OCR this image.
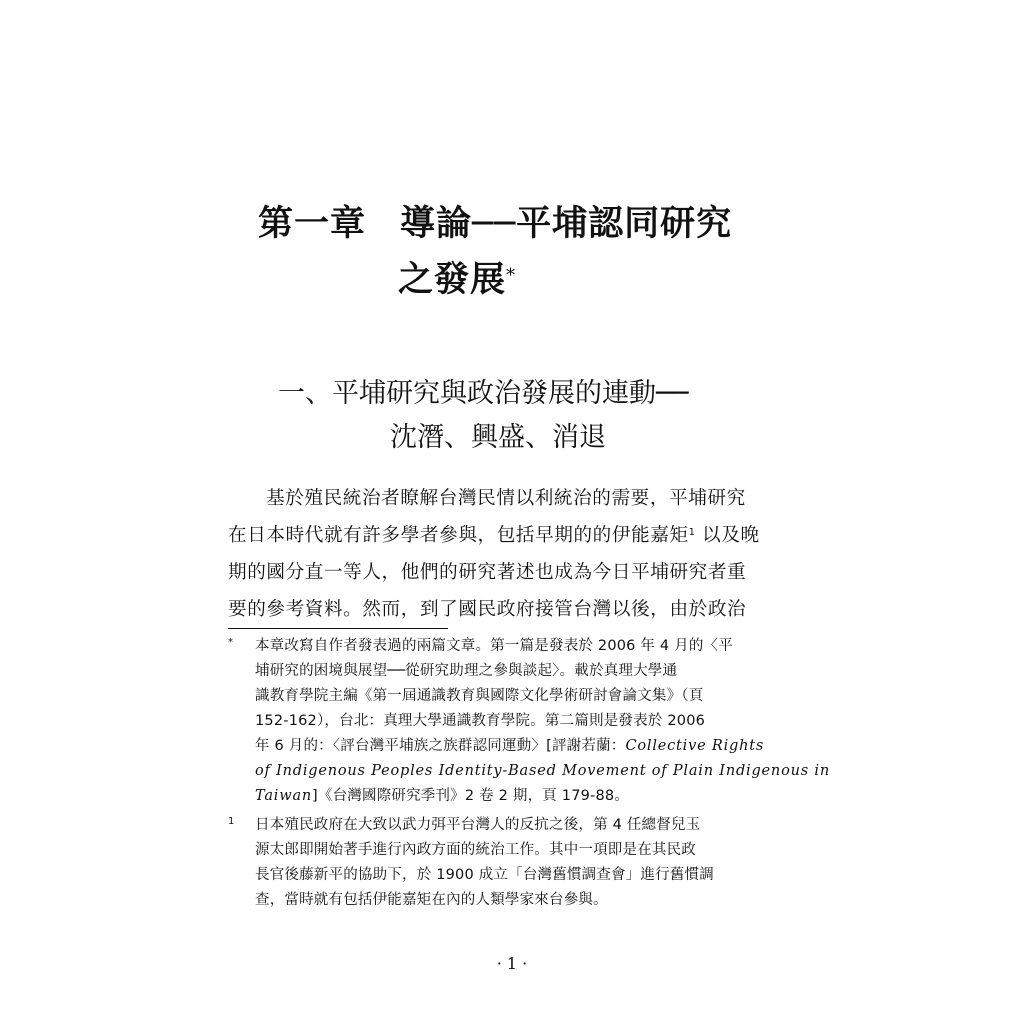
第一章 導論──平埔認同研究
之發展*
一、平埔研究與政治發展的連動──
沈潛、興盛、消退
基於殖民統治者瞭解台灣民情以利統治的需要，平埔研究
在日本時代就有許多學者參與，包括早期的的伊能嘉矩$^1$ 以及晚
期的國分直一等人，他們的研究著述也成為今日平埔研究者重
要的參考資料。然而，到了國民政府接管台灣以後，由於政治
* 本章改寫自作者發表過的兩篇文章。第一篇是發表於 2006 年 4 月的〈平
埔研究的困境與展望──從研究助理之參與談起〉。載於真理大學通
識教育學院主編《第一屆通識教育與國際文化學術研討會論文集》（頁
152-162），台北：真理大學通識教育學院。第二篇則是發表於 2006
年 6 月的：〈評台灣平埔族之族群認同運動〉[評謝若蘭：Collective Rights
of Indigenous Peoples Identity-Based Movement of Plain Indigenous in
Taiwan]《台灣國際研究季刊》2 卷 2 期，頁 179-88。
1 日本殖民政府在大致以武力弭平台灣人的反抗之後，第 4 任總督兒玉
源太郎即開始著手進行內政方面的統治工作。其中一項即是在其民政
長官後藤新平的協助下，於 1900 成立「台灣舊慣調查會」進行舊慣調
查，當時就有包括伊能嘉矩在內的人類學家來台參與。
· 1 ·
